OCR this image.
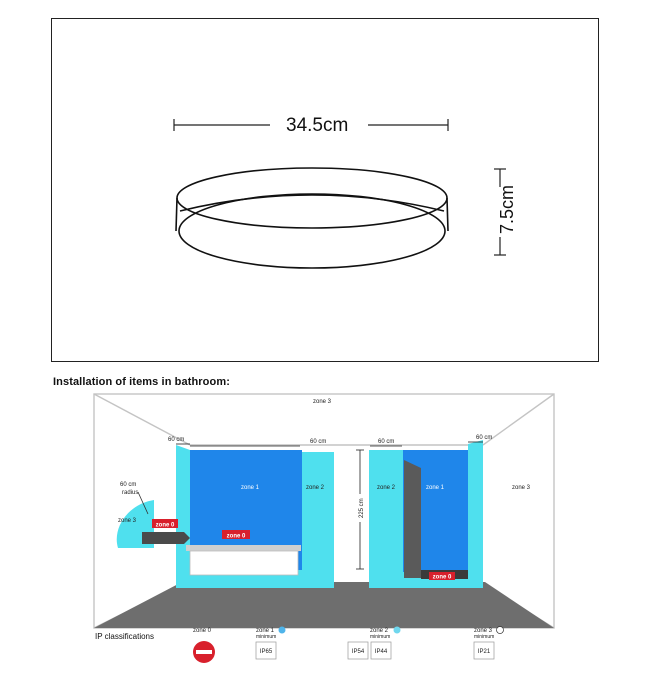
34.5cm
7.5cm
Installation of items in bathroom:
zone 0
zone 0
zone 0
225 cm
60 cm	60 cm	60 cm
60 cm
60 cm
radius
zone 3
zone 3
zone 3
zone 1	zone 2	zone 2	zone 1
IP classifications
zone 0	zone 1
minimum
IP65
zone 2
minimum
IP54 IP44
zone 3
minimum
IP21
